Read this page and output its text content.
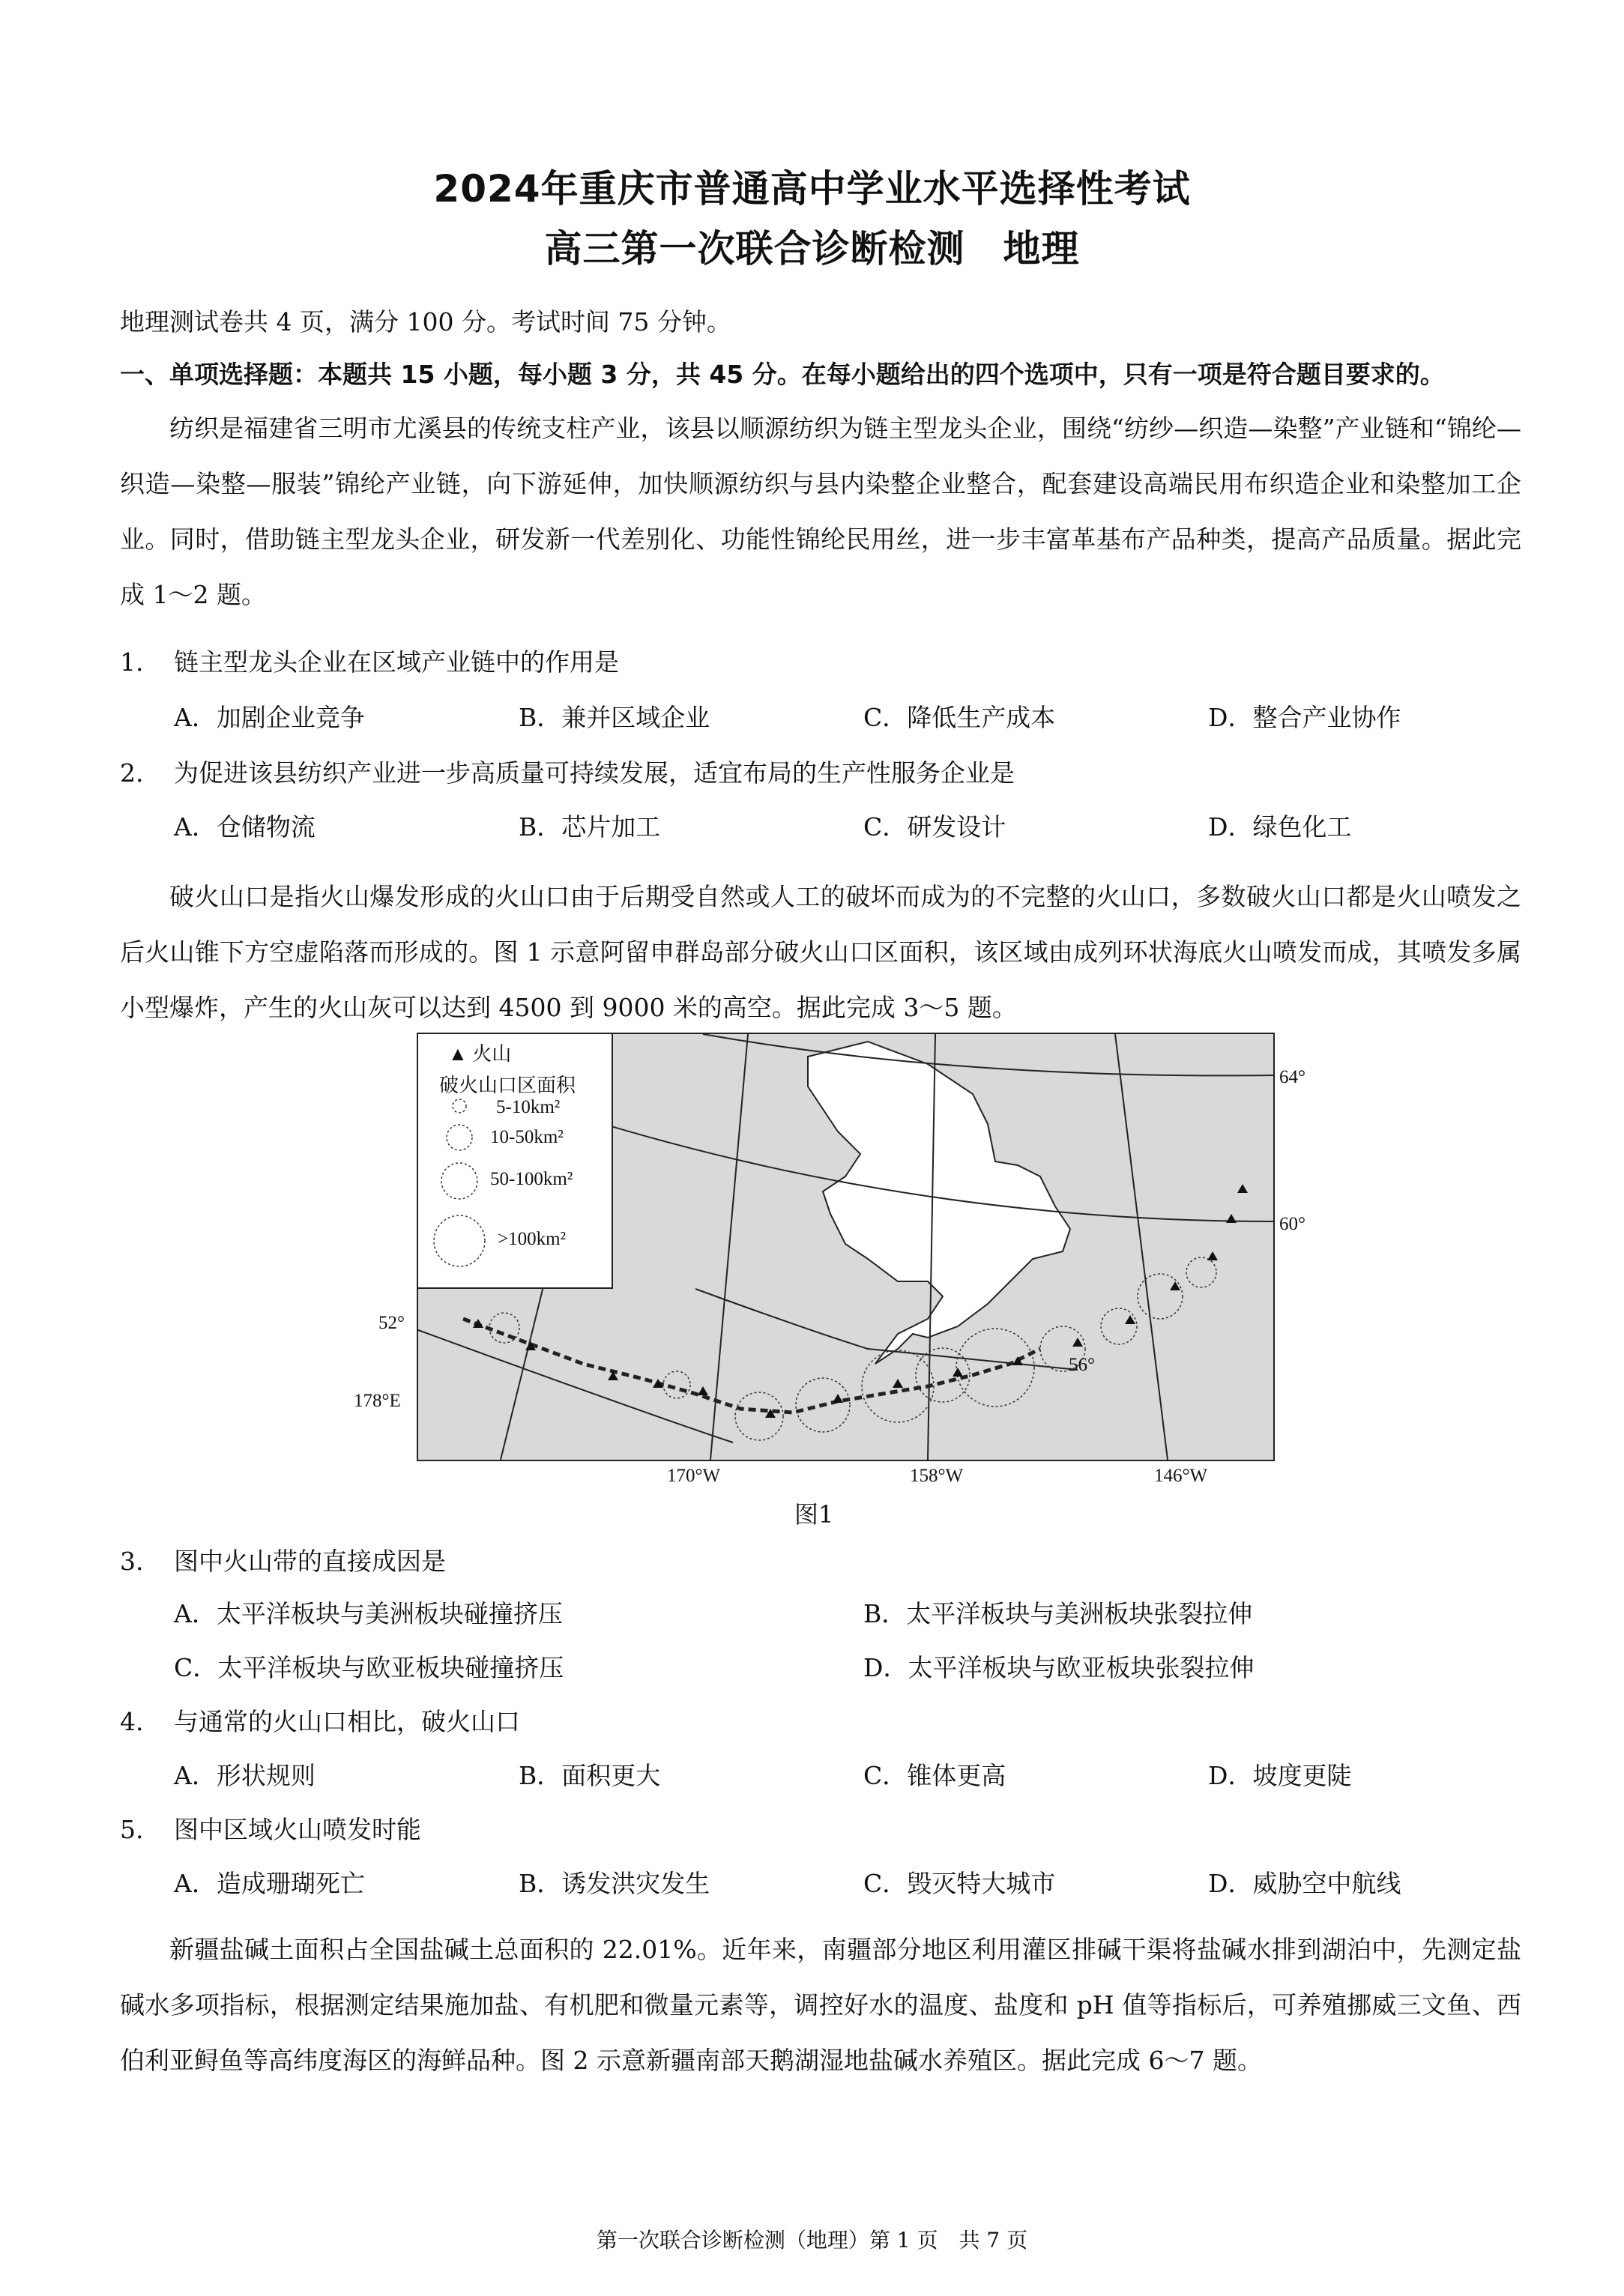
2024年重庆市普通高中学业水平选择性考试
高三第一次联合诊断检测　地理
地理测试卷共 4 页，满分 100 分。考试时间 75 分钟。
一、单项选择题：本题共 15 小题，每小题 3 分，共 45 分。在每小题给出的四个选项中，只有一项是符合题目要求的。
纺织是福建省三明市尤溪县的传统支柱产业，该县以顺源纺织为链主型龙头企业，围绕“纺纱—织造—染整”产业链和“锦纶—织造—染整—服装”锦纶产业链，向下游延伸，加快顺源纺织与县内染整企业整合，配套建设高端民用布织造企业和染整加工企业。同时，借助链主型龙头企业，研发新一代差别化、功能性锦纶民用丝，进一步丰富革基布产品种类，提高产品质量。据此完成 1～2 题。
1. 链主型龙头企业在区域产业链中的作用是
A．加剧企业竞争	B．兼并区域企业	C．降低生产成本	D．整合产业协作
2. 为促进该县纺织产业进一步高质量可持续发展，适宜布局的生产性服务企业是
A．仓储物流	B．芯片加工	C．研发设计	D．绿色化工
破火山口是指火山爆发形成的火山口由于后期受自然或人工的破坏而成为的不完整的火山口，多数破火山口都是火山喷发之后火山锥下方空虚陷落而形成的。图 1 示意阿留申群岛部分破火山口区面积，该区域由成列环状海底火山喷发而成，其喷发多属小型爆炸，产生的火山灰可以达到 4500 到 9000 米的高空。据此完成 3～5 题。
▲ 火山
破火山口区面积
5-10km²
10-50km²
50-100km²
>100km²
64°
60°
56°
52°
178°E
170°W	158°W	146°W
图1
3. 图中火山带的直接成因是
A．太平洋板块与美洲板块碰撞挤压	B．太平洋板块与美洲板块张裂拉伸
C．太平洋板块与欧亚板块碰撞挤压	D．太平洋板块与欧亚板块张裂拉伸
4. 与通常的火山口相比，破火山口
A．形状规则	B．面积更大	C．锥体更高	D．坡度更陡
5. 图中区域火山喷发时能
A．造成珊瑚死亡	B．诱发洪灾发生	C．毁灭特大城市	D．威胁空中航线
新疆盐碱土面积占全国盐碱土总面积的 22.01%。近年来，南疆部分地区利用灌区排碱干渠将盐碱水排到湖泊中，先测定盐碱水多项指标，根据测定结果施加盐、有机肥和微量元素等，调控好水的温度、盐度和 pH 值等指标后，可养殖挪威三文鱼、西伯利亚鲟鱼等高纬度海区的海鲜品种。图 2 示意新疆南部天鹅湖湿地盐碱水养殖区。据此完成 6～7 题。
第一次联合诊断检测（地理）第 1 页　共 7 页
